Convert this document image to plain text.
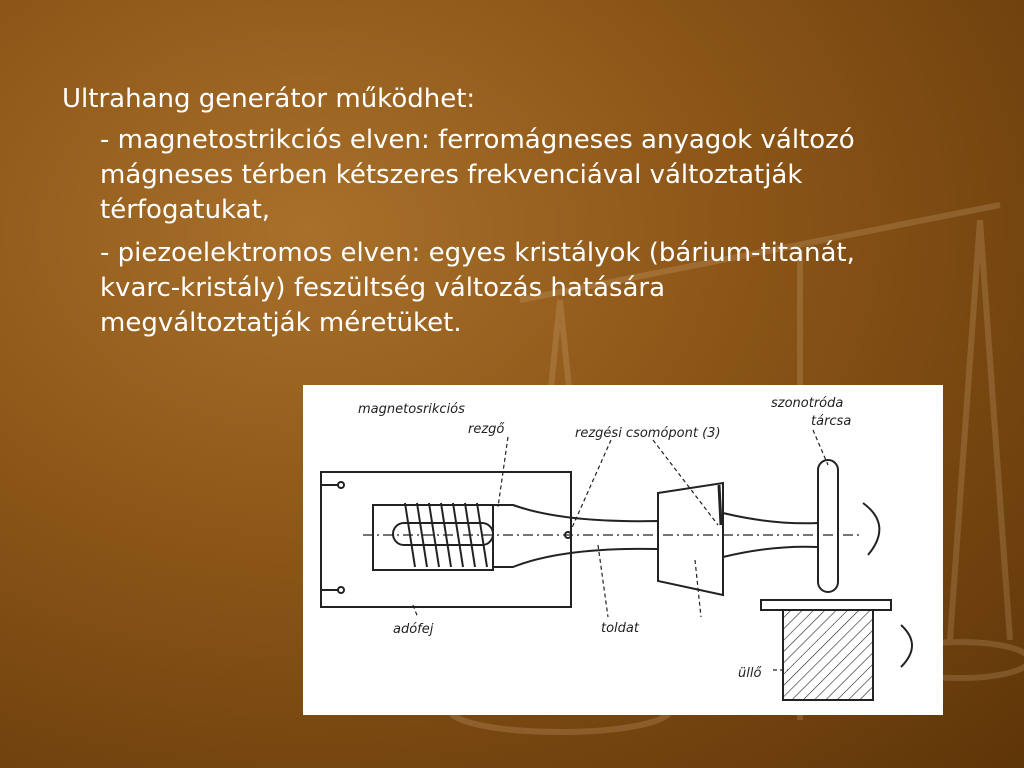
Ultrahang generátor működhet:
- magnetostrikciós elven: ferromágneses anyagok változó mágneses térben kétszeres frekvenciával változtatják térfogatukat,
- piezoelektromos elven: egyes kristályok (bárium-titanát, kvarc-kristály) feszültség változás hatására megváltoztatják méretüket.
magnetosrikciós
rezgő	rezgési csomópont (3)
szonotróda
tárcsa
adófej	toldat
üllő
